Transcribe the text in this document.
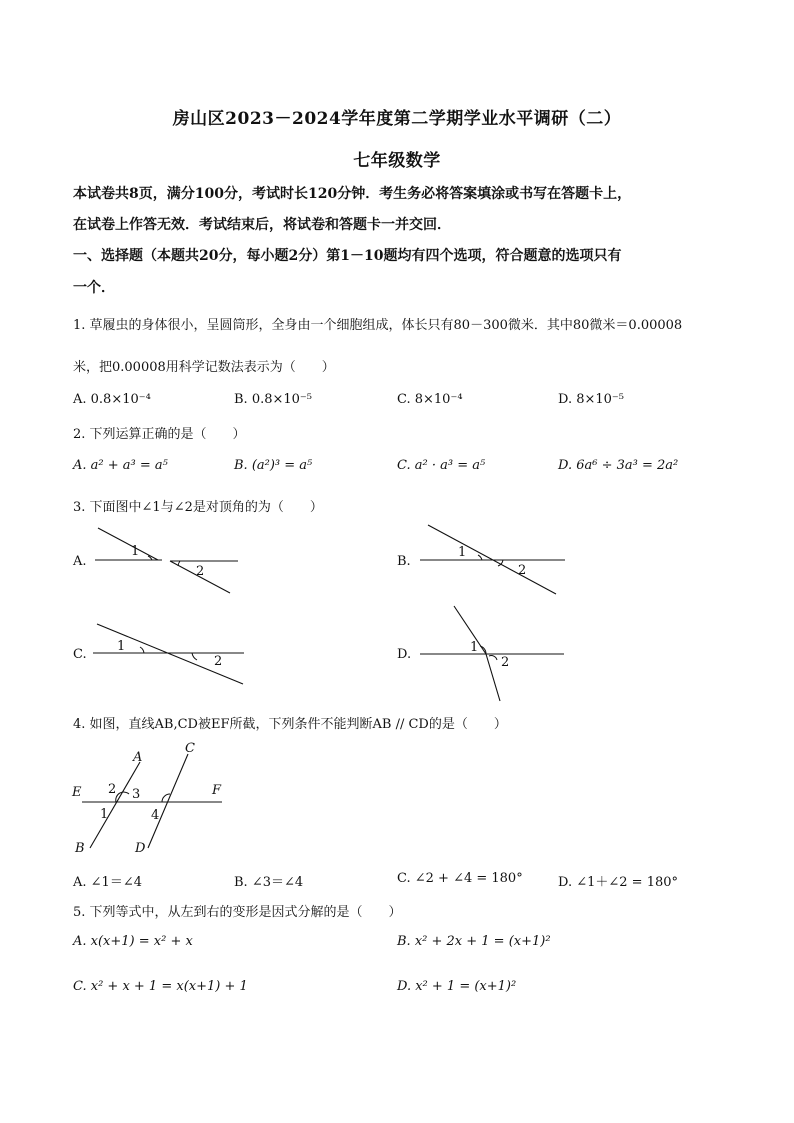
房山区2023－2024学年度第二学期学业水平调研（二）
七年级数学
本试卷共8页，满分100分，考试时长120分钟．考生务必将答案填涂或书写在答题卡上，
在试卷上作答无效．考试结束后，将试卷和答题卡一并交回．
一、选择题（本题共20分，每小题2分）第1－10题均有四个选项，符合题意的选项只有
一个．
1. 草履虫的身体很小，呈圆筒形，全身由一个细胞组成，体长只有80－300微米．其中80微米＝0.00008
米，把0.00008用科学记数法表示为（　　）
A. 0.8×10⁻⁴	B. 0.8×10⁻⁵	C. 8×10⁻⁴	D. 8×10⁻⁵
2. 下列运算正确的是（　　）
A. a² + a³ = a⁵	B. (a²)³ = a⁵	C. a² · a³ = a⁵	D. 6a⁶ ÷ 3a³ = 2a²
3. 下面图中∠1与∠2是对顶角的为（　　）
A.
1
2
1
2
1
2
1
2
E	F
A
B
C
D
1
2 3
4
B.
C.	D.
4. 如图，直线AB,CD被EF所截，下列条件不能判断AB // CD的是（　　）
A. ∠1＝∠4	B. ∠3＝∠4	C. ∠2 + ∠4 = 180°	D. ∠1＋∠2 = 180°
5. 下列等式中，从左到右的变形是因式分解的是（　　）
A. x(x+1) = x² + x	B. x² + 2x + 1 = (x+1)²
C. x² + x + 1 = x(x+1) + 1	D. x² + 1 = (x+1)²
